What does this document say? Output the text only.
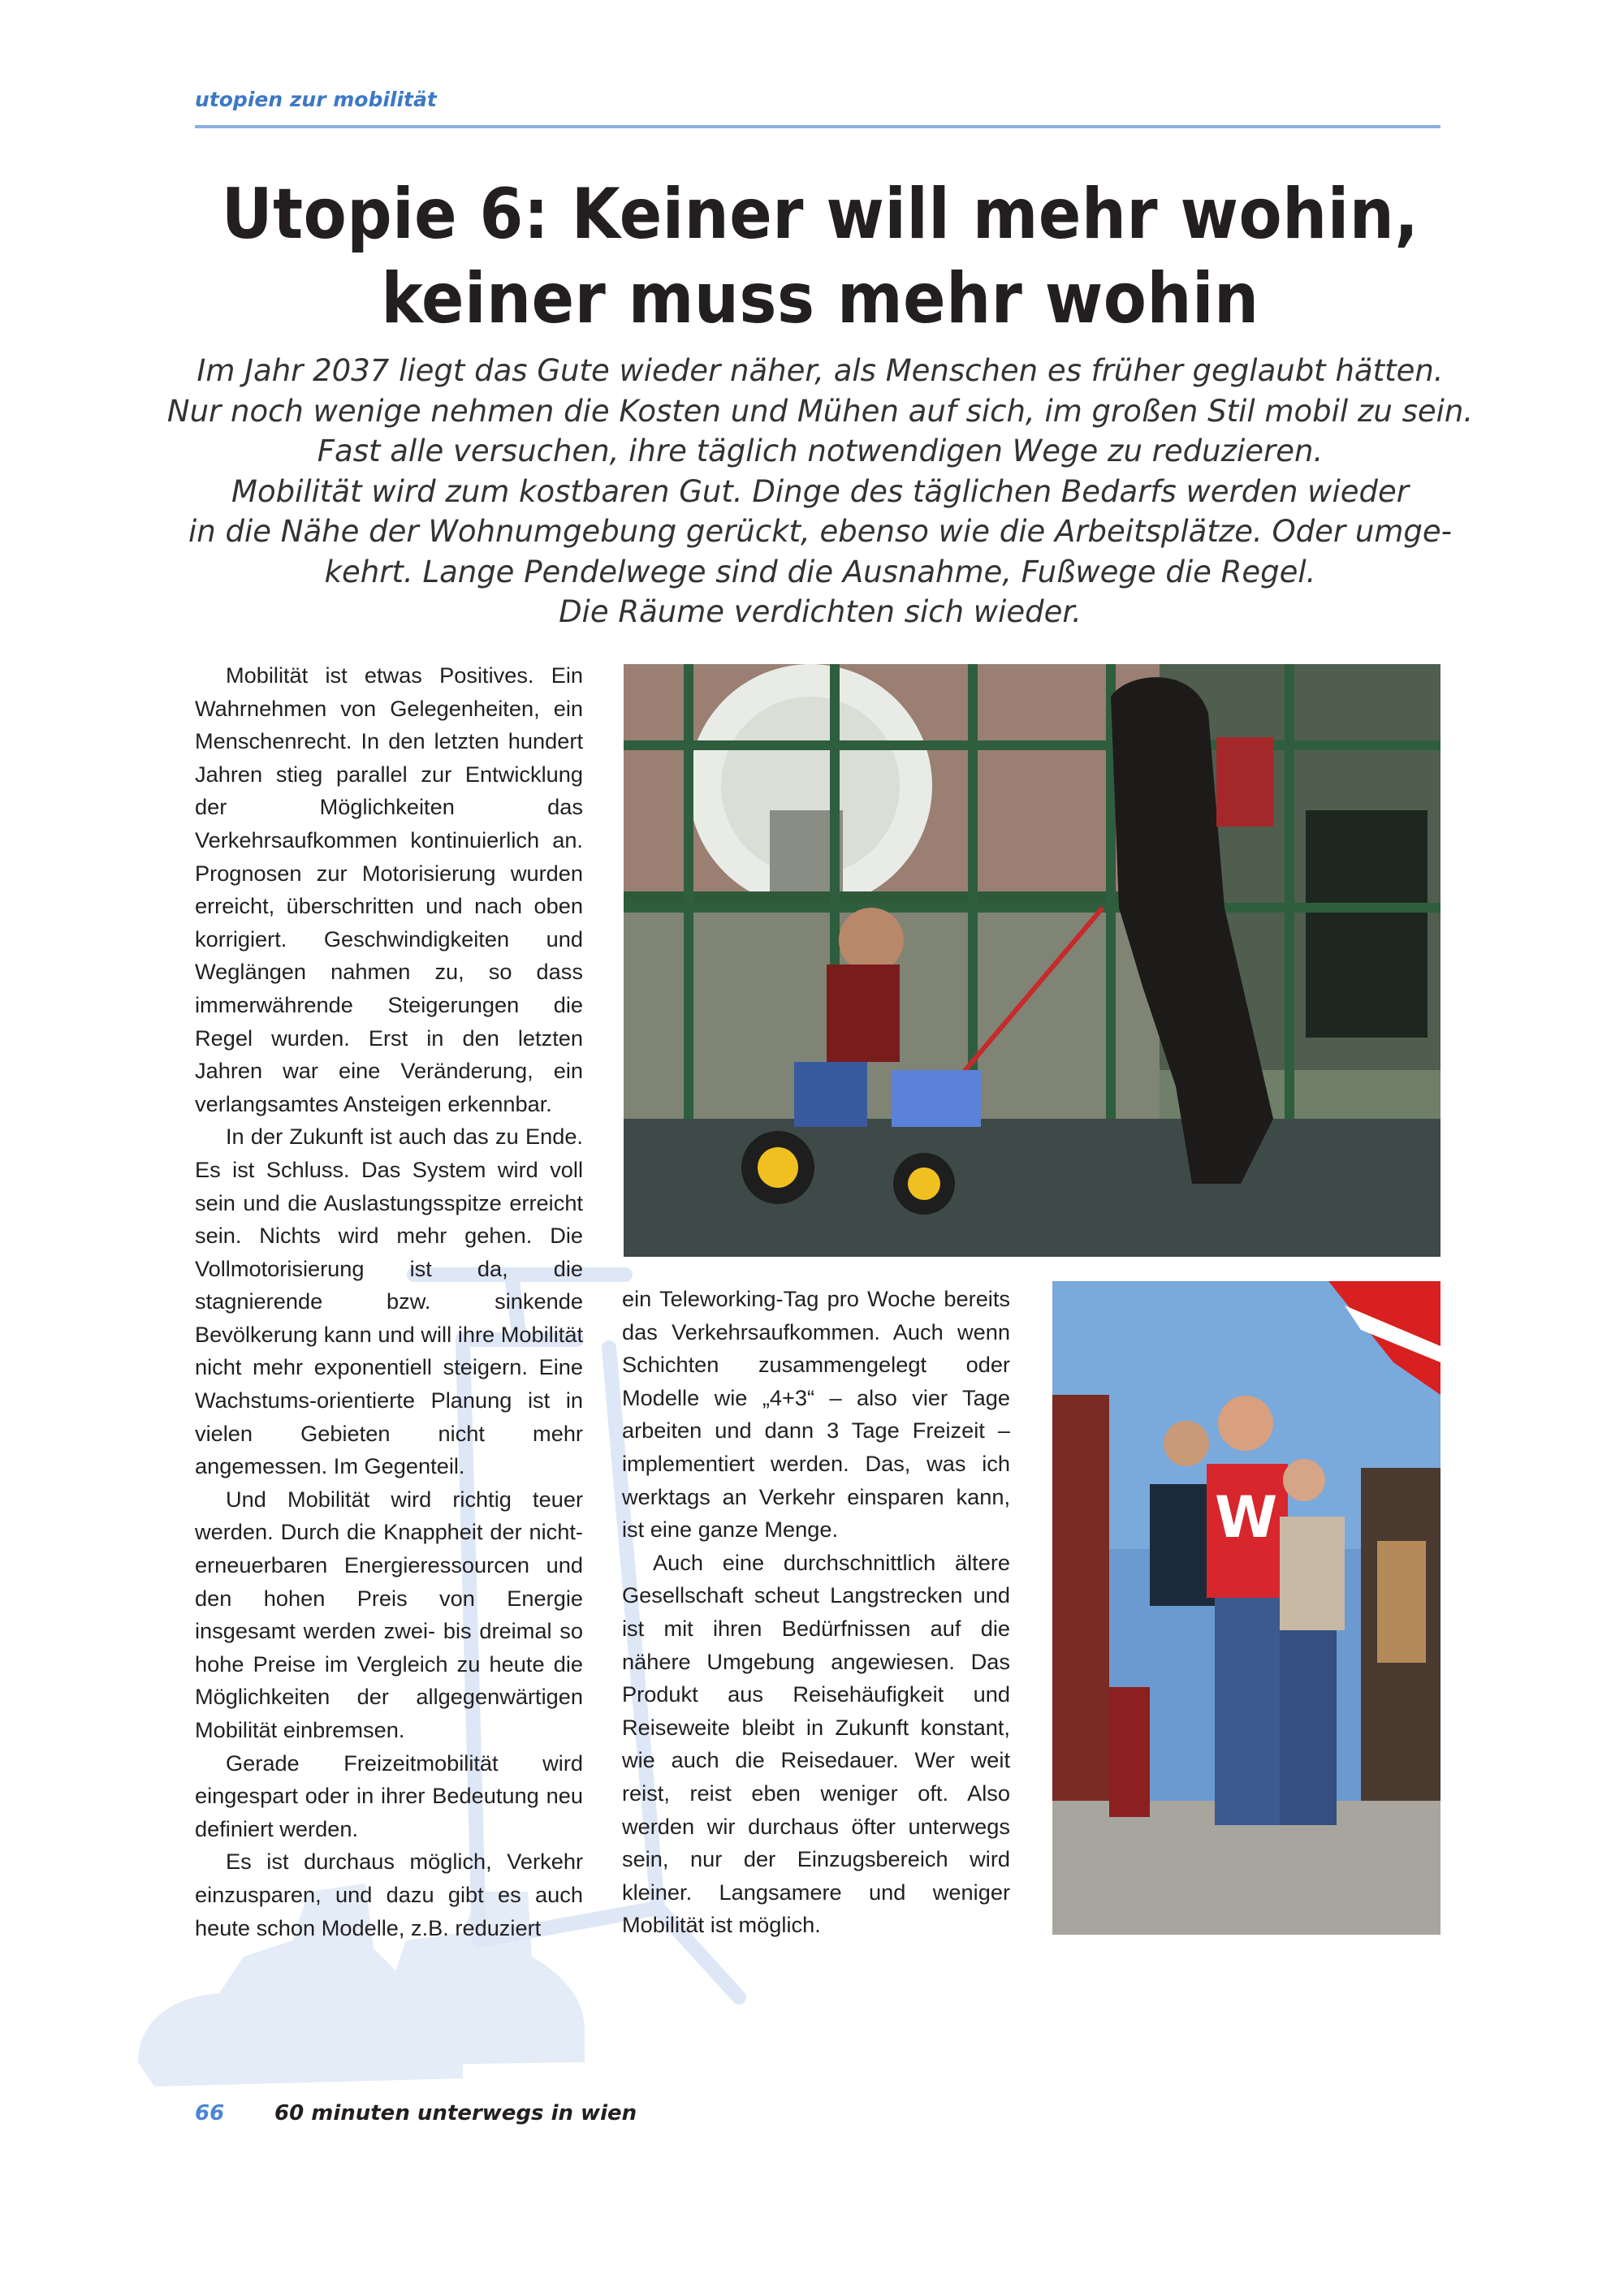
utopien zur mobilität
Utopie 6: Keiner will mehr wohin,
keiner muss mehr wohin
Im Jahr 2037 liegt das Gute wieder näher, als Menschen es früher geglaubt hätten.
Nur noch wenige nehmen die Kosten und Mühen auf sich, im großen Stil mobil zu sein.
Fast alle versuchen, ihre täglich notwendigen Wege zu reduzieren.
Mobilität wird zum kostbaren Gut. Dinge des täglichen Bedarfs werden wieder
in die Nähe der Wohnumgebung gerückt, ebenso wie die Arbeitsplätze. Oder umge-
kehrt. Lange Pendelwege sind die Ausnahme, Fußwege die Regel.
Die Räume verdichten sich wieder.

Mobilität ist etwas Positives. Ein Wahrnehmen von Gelegenheiten, ein Menschenrecht. In den letzten hundert Jahren stieg parallel zur Entwicklung der Möglichkeiten das Verkehrsaufkommen kontinuierlich an. Prognosen zur Motorisierung wurden erreicht, überschritten und nach oben korrigiert. Geschwindigkeiten und Weglängen nahmen zu, so dass immerwährende Steigerungen die Regel wurden. Erst in den letzten Jahren war eine Veränderung, ein verlangsamtes Ansteigen erkennbar.

In der Zukunft ist auch das zu Ende. Es ist Schluss. Das System wird voll sein und die Auslastungsspitze erreicht sein. Nichts wird mehr gehen. Die Vollmotorisierung ist da, die stagnierende bzw. sinkende Bevölkerung kann und will ihre Mobilität nicht mehr exponentiell steigern. Eine Wachstums-orientierte Planung ist in vielen Gebieten nicht mehr angemessen. Im Gegenteil.

Und Mobilität wird richtig teuer werden. Durch die Knappheit der nicht-erneuerbaren Energieressourcen und den hohen Preis von Energie insgesamt werden zwei- bis dreimal so hohe Preise im Vergleich zu heute die Möglichkeiten der allgegenwärtigen Mobilität einbremsen.

Gerade Freizeitmobilität wird eingespart oder in ihrer Bedeutung neu definiert werden.

Es ist durchaus möglich, Verkehr einzusparen, und dazu gibt es auch heute schon Modelle, z.B. reduziert

W

ein Teleworking-Tag pro Woche bereits das Verkehrsaufkommen. Auch wenn Schichten zusammengelegt oder Modelle wie „4+3“ – also vier Tage arbeiten und dann 3 Tage Freizeit – implementiert werden. Das, was ich werktags an Verkehr einsparen kann, ist eine ganze Menge.

Auch eine durchschnittlich ältere Gesellschaft scheut Langstrecken und ist mit ihren Bedürfnissen auf die nähere Umgebung angewiesen. Das Produkt aus Reisehäufigkeit und Reiseweite bleibt in Zukunft konstant, wie auch die Reisedauer. Wer weit reist, reist eben weniger oft. Also werden wir durchaus öfter unterwegs sein, nur der Einzugsbereich wird kleiner. Langsamere und weniger Mobilität ist möglich.

66 60 minuten unterwegs in wien
